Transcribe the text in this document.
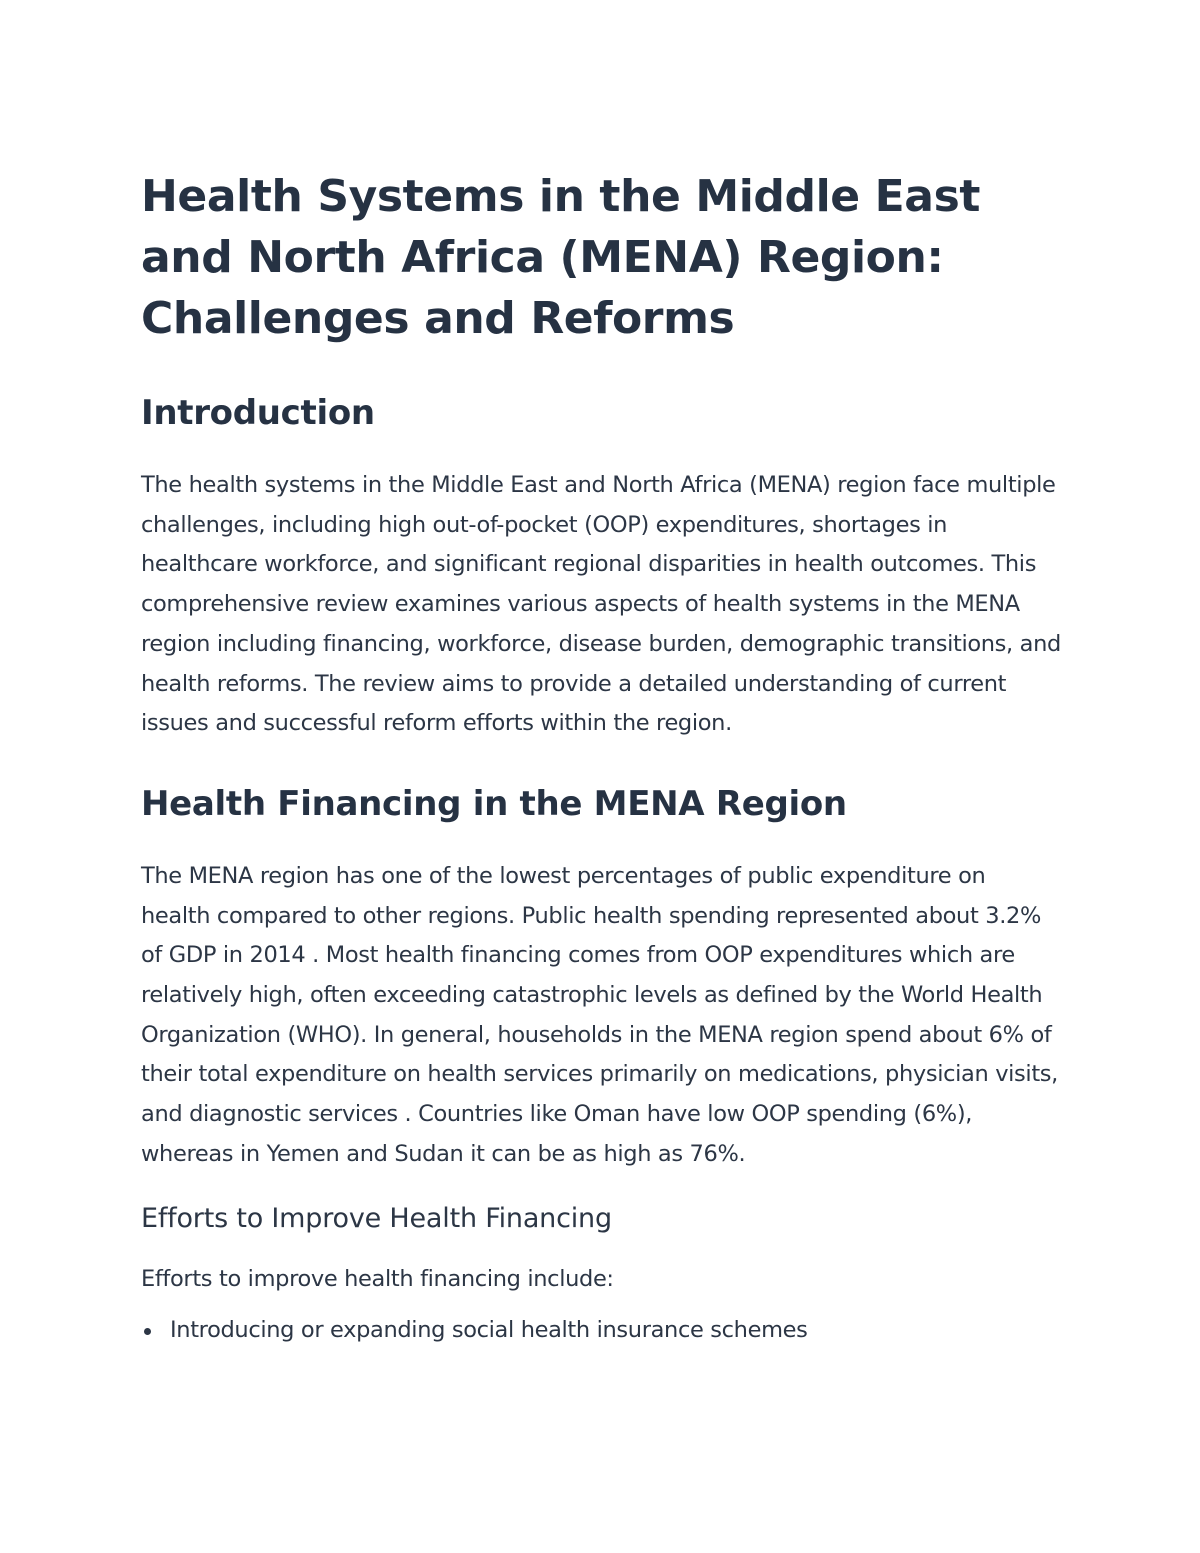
Health Systems in the Middle East and North Africa (MENA) Region: Challenges and Reforms
Introduction

The health systems in the Middle East and North Africa (MENA) region face multiple challenges, including high out-of-pocket (OOP) expenditures, shortages in healthcare workforce, and significant regional disparities in health outcomes. This comprehensive review examines various aspects of health systems in the MENA region including financing, workforce, disease burden, demographic transitions, and health reforms. The review aims to provide a detailed understanding of current issues and successful reform efforts within the region.

Health Financing in the MENA Region

The MENA region has one of the lowest percentages of public expenditure on health compared to other regions. Public health spending represented about 3.2% of GDP in 2014 . Most health financing comes from OOP expenditures which are relatively high, often exceeding catastrophic levels as defined by the World Health Organization (WHO). In general, households in the MENA region spend about 6% of their total expenditure on health services primarily on medications, physician visits, and diagnostic services . Countries like Oman have low OOP spending (6%), whereas in Yemen and Sudan it can be as high as 76%.

Efforts to Improve Health Financing

Efforts to improve health financing include:

Introducing or expanding social health insurance schemes
